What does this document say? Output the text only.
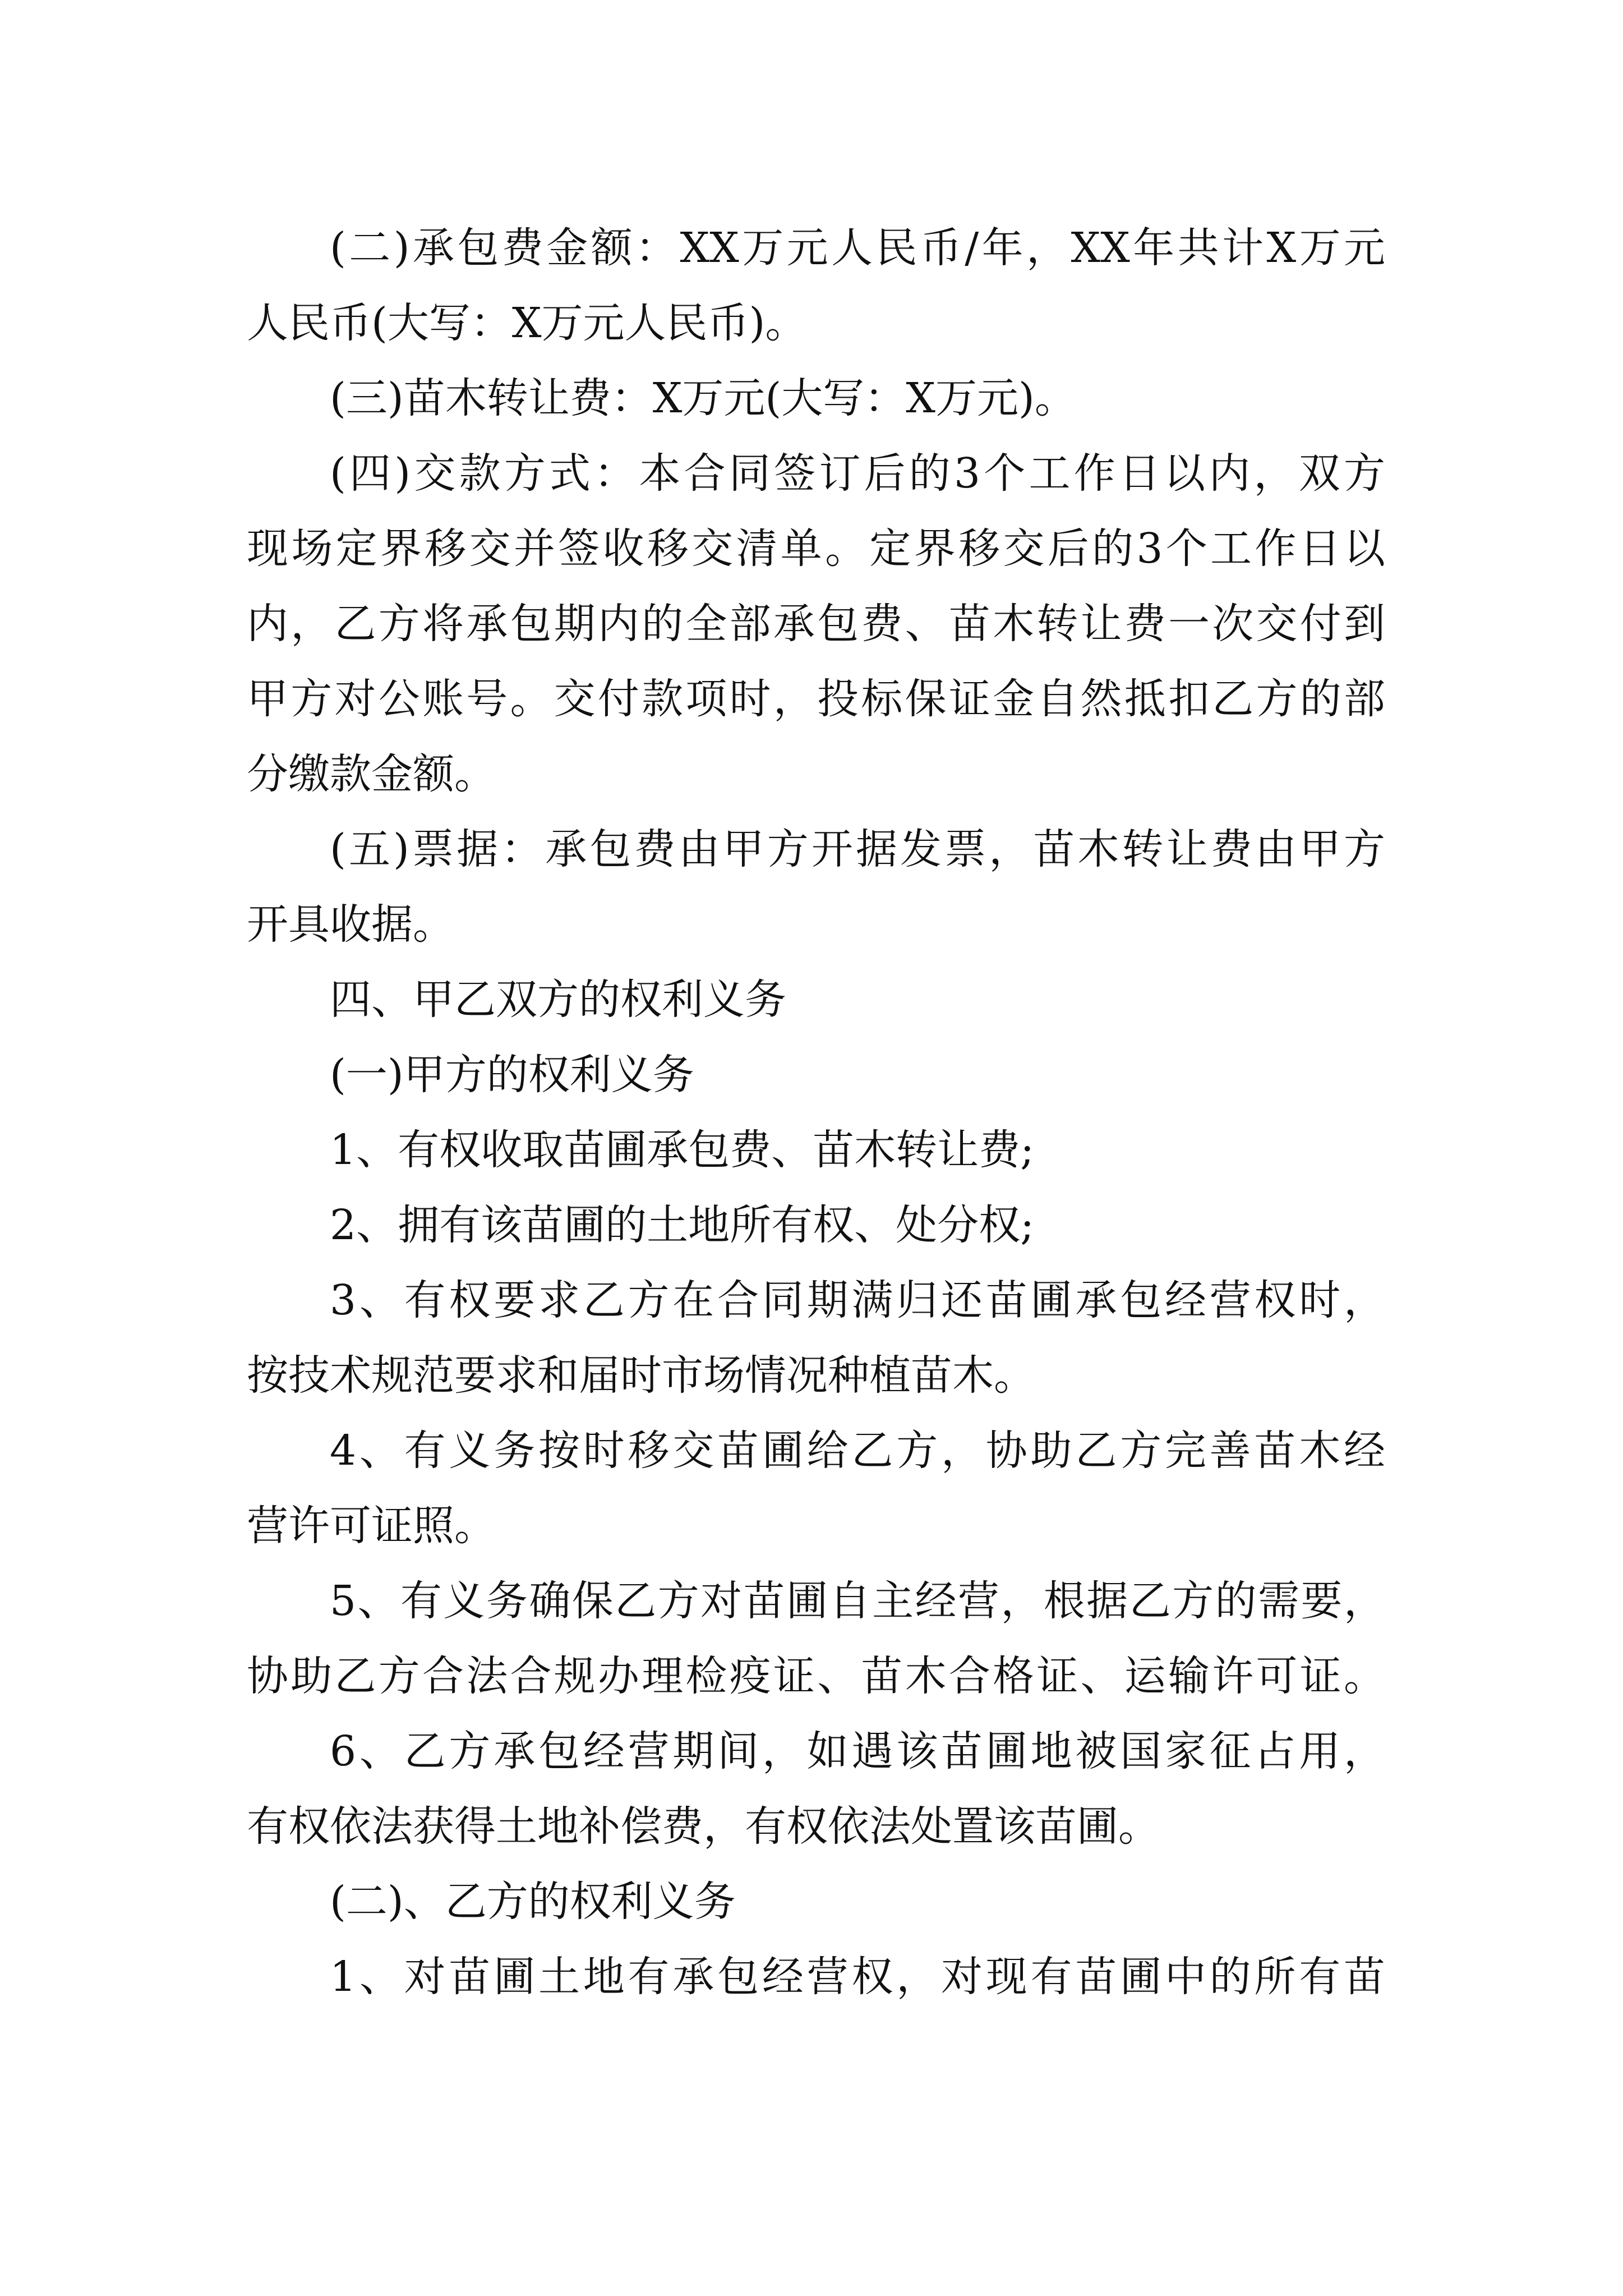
(二)承包费金额：XX万元人民币/年，XX年共计X万元
人民币(大写：X万元人民币)。
(三)苗木转让费：X万元(大写：X万元)。
(四)交款方式：本合同签订后的3个工作日以内，双方
现场定界移交并签收移交清单。定界移交后的3个工作日以
内，乙方将承包期内的全部承包费、苗木转让费一次交付到
甲方对公账号。交付款项时，投标保证金自然抵扣乙方的部
分缴款金额。
(五)票据：承包费由甲方开据发票，苗木转让费由甲方
开具收据。
四、甲乙双方的权利义务
(一)甲方的权利义务
1、有权收取苗圃承包费、苗木转让费;
2、拥有该苗圃的土地所有权、处分权;
3、有权要求乙方在合同期满归还苗圃承包经营权时，
按技术规范要求和届时市场情况种植苗木。
4、有义务按时移交苗圃给乙方，协助乙方完善苗木经
营许可证照。
5、有义务确保乙方对苗圃自主经营，根据乙方的需要，
协助乙方合法合规办理检疫证、苗木合格证、运输许可证。
6、乙方承包经营期间，如遇该苗圃地被国家征占用，
有权依法获得土地补偿费，有权依法处置该苗圃。
(二)、乙方的权利义务
1、对苗圃土地有承包经营权，对现有苗圃中的所有苗
